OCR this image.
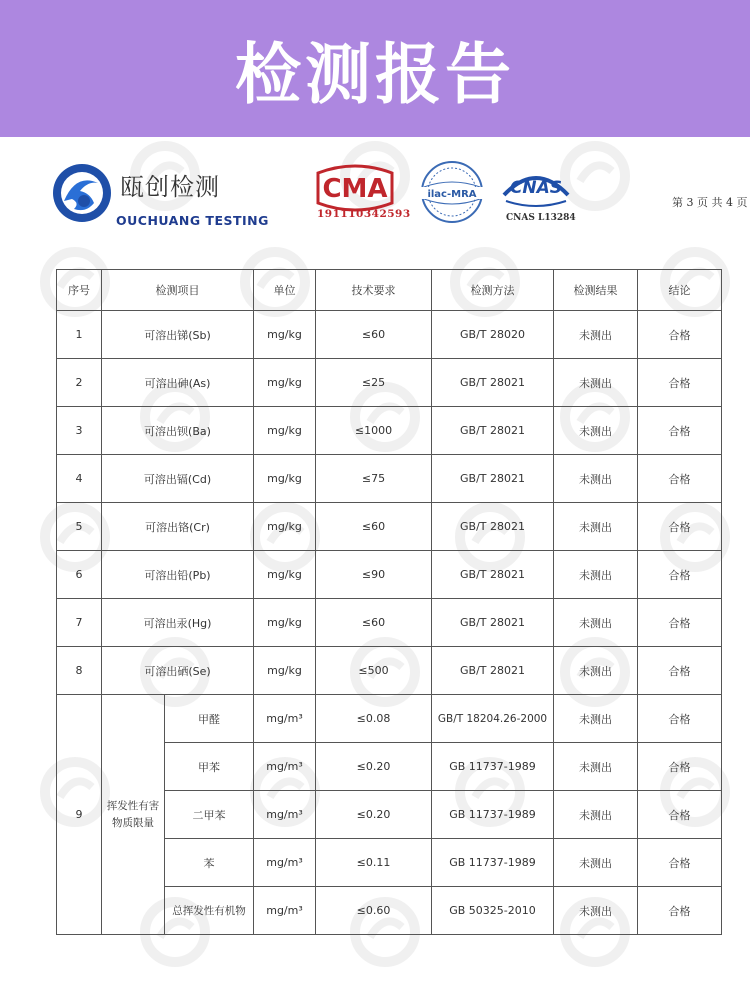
检测报告
瓯创检测
OUCHUANG TESTING
CMA
191110342593
ilac-MRA CNAS
CNAS L13284
第 3 页 共 4 页
序号	检测项目		单位	技术要求	检测方法	检测结果	结论
1	可溶出锑(Sb)		mg/kg	≤60	GB/T 28020	未测出	合格
2	可溶出砷(As)		mg/kg	≤25	GB/T 28021	未测出	合格
3	可溶出钡(Ba)		mg/kg	≤1000	GB/T 28021	未测出	合格
4	可溶出镉(Cd)		mg/kg	≤75	GB/T 28021	未测出	合格
5	可溶出铬(Cr)		mg/kg	≤60	GB/T 28021	未测出	合格
6	可溶出铅(Pb)		mg/kg	≤90	GB/T 28021	未测出	合格
7	可溶出汞(Hg)		mg/kg	≤60	GB/T 28021	未测出	合格
8	可溶出硒(Se)		mg/kg	≤500	GB/T 28021	未测出	合格
9	挥发性有害物质限量	甲醛	mg/m³	≤0.08	GB/T 18204.26-2000	未测出	合格
		甲苯	mg/m³	≤0.20	GB 11737-1989	未测出	合格
		二甲苯	mg/m³	≤0.20	GB 11737-1989	未测出	合格
		苯	mg/m³	≤0.11	GB 11737-1989	未测出	合格
		总挥发性有机物	mg/m³	≤0.60	GB 50325-2010	未测出	合格
